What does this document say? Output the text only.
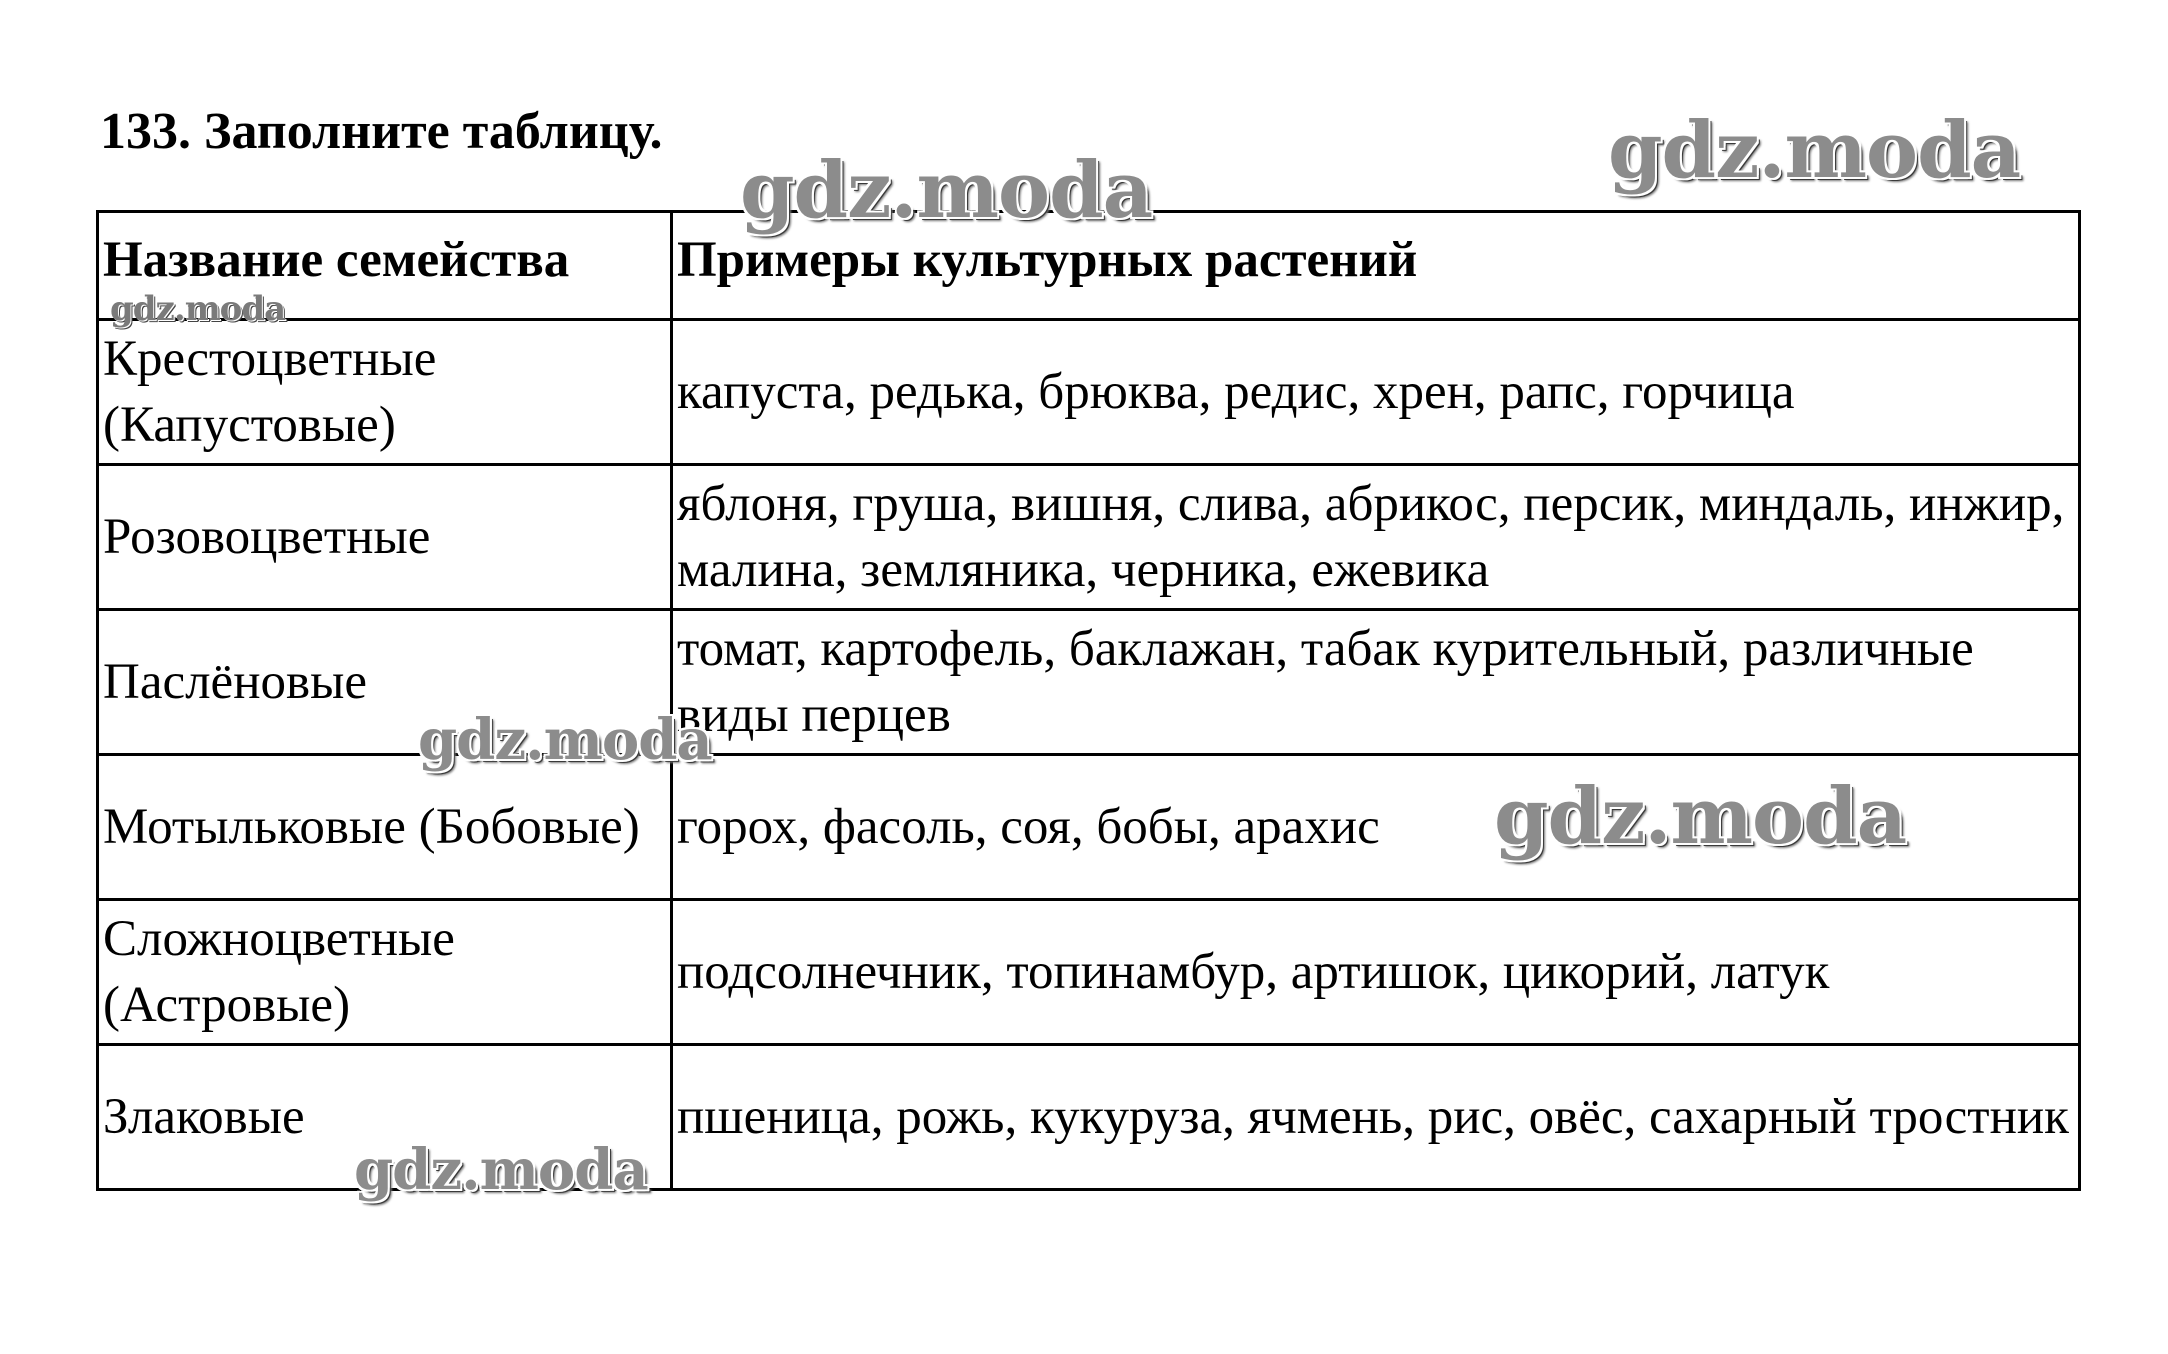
133. Заполните таблицу.
Название семейства	Примеры культурных растений
Крестоцветные (Капустовые)	капуста, редька, брюква, редис, хрен, рапс, горчица
Розовоцветные	яблоня, груша, вишня, слива, абрикос, персик, миндаль, инжир, малина, земляника, черника, ежевика
Паслёновые	томат, картофель, баклажан, табак курительный, различные виды перцев
Мотыльковые (Бобовые)	горох, фасоль, соя, бобы, арахис
Сложноцветные (Астровые)	подсолнечник, топинамбур, артишок, цикорий, латук
Злаковые	пшеница, рожь, кукуруза, ячмень, рис, овёс, сахарный тростник
gdz.moda	gdz.moda
gdz.moda
gdz.moda
gdz.moda
gdz.moda
